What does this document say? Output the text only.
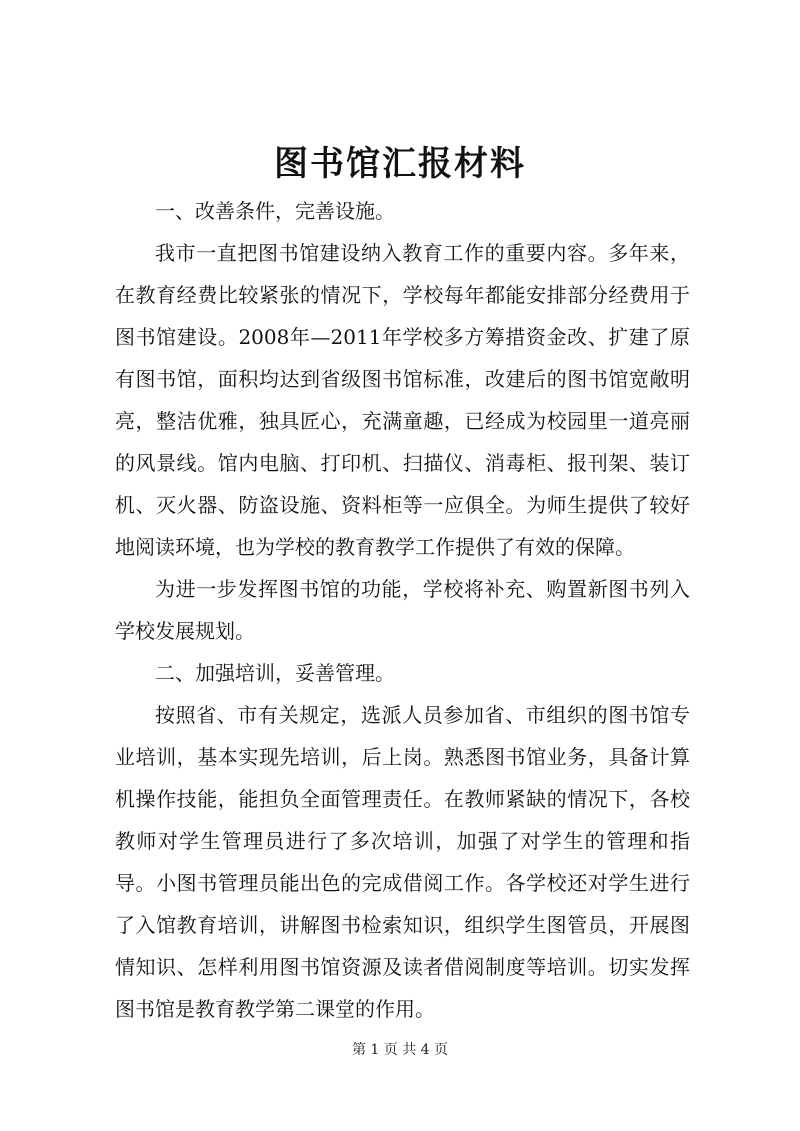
图书馆汇报材料

一、改善条件，完善设施。

我市一直把图书馆建设纳入教育工作的重要内容。多年来，在教育经费比较紧张的情况下，学校每年都能安排部分经费用于图书馆建设。2008年—2011年学校多方筹措资金改、扩建了原有图书馆，面积均达到省级图书馆标准，改建后的图书馆宽敞明亮，整洁优雅，独具匠心，充满童趣，已经成为校园里一道亮丽的风景线。馆内电脑、打印机、扫描仪、消毒柜、报刊架、装订机、灭火器、防盗设施、资料柜等一应俱全。为师生提供了较好地阅读环境，也为学校的教育教学工作提供了有效的保障。

为进一步发挥图书馆的功能，学校将补充、购置新图书列入学校发展规划。

二、加强培训，妥善管理。

按照省、市有关规定，选派人员参加省、市组织的图书馆专业培训，基本实现先培训，后上岗。熟悉图书馆业务，具备计算机操作技能，能担负全面管理责任。在教师紧缺的情况下，各校教师对学生管理员进行了多次培训，加强了对学生的管理和指导。小图书管理员能出色的完成借阅工作。各学校还对学生进行了入馆教育培训，讲解图书检索知识，组织学生图管员，开展图情知识、怎样利用图书馆资源及读者借阅制度等培训。切实发挥图书馆是教育教学第二课堂的作用。

第 1 页 共 4 页
